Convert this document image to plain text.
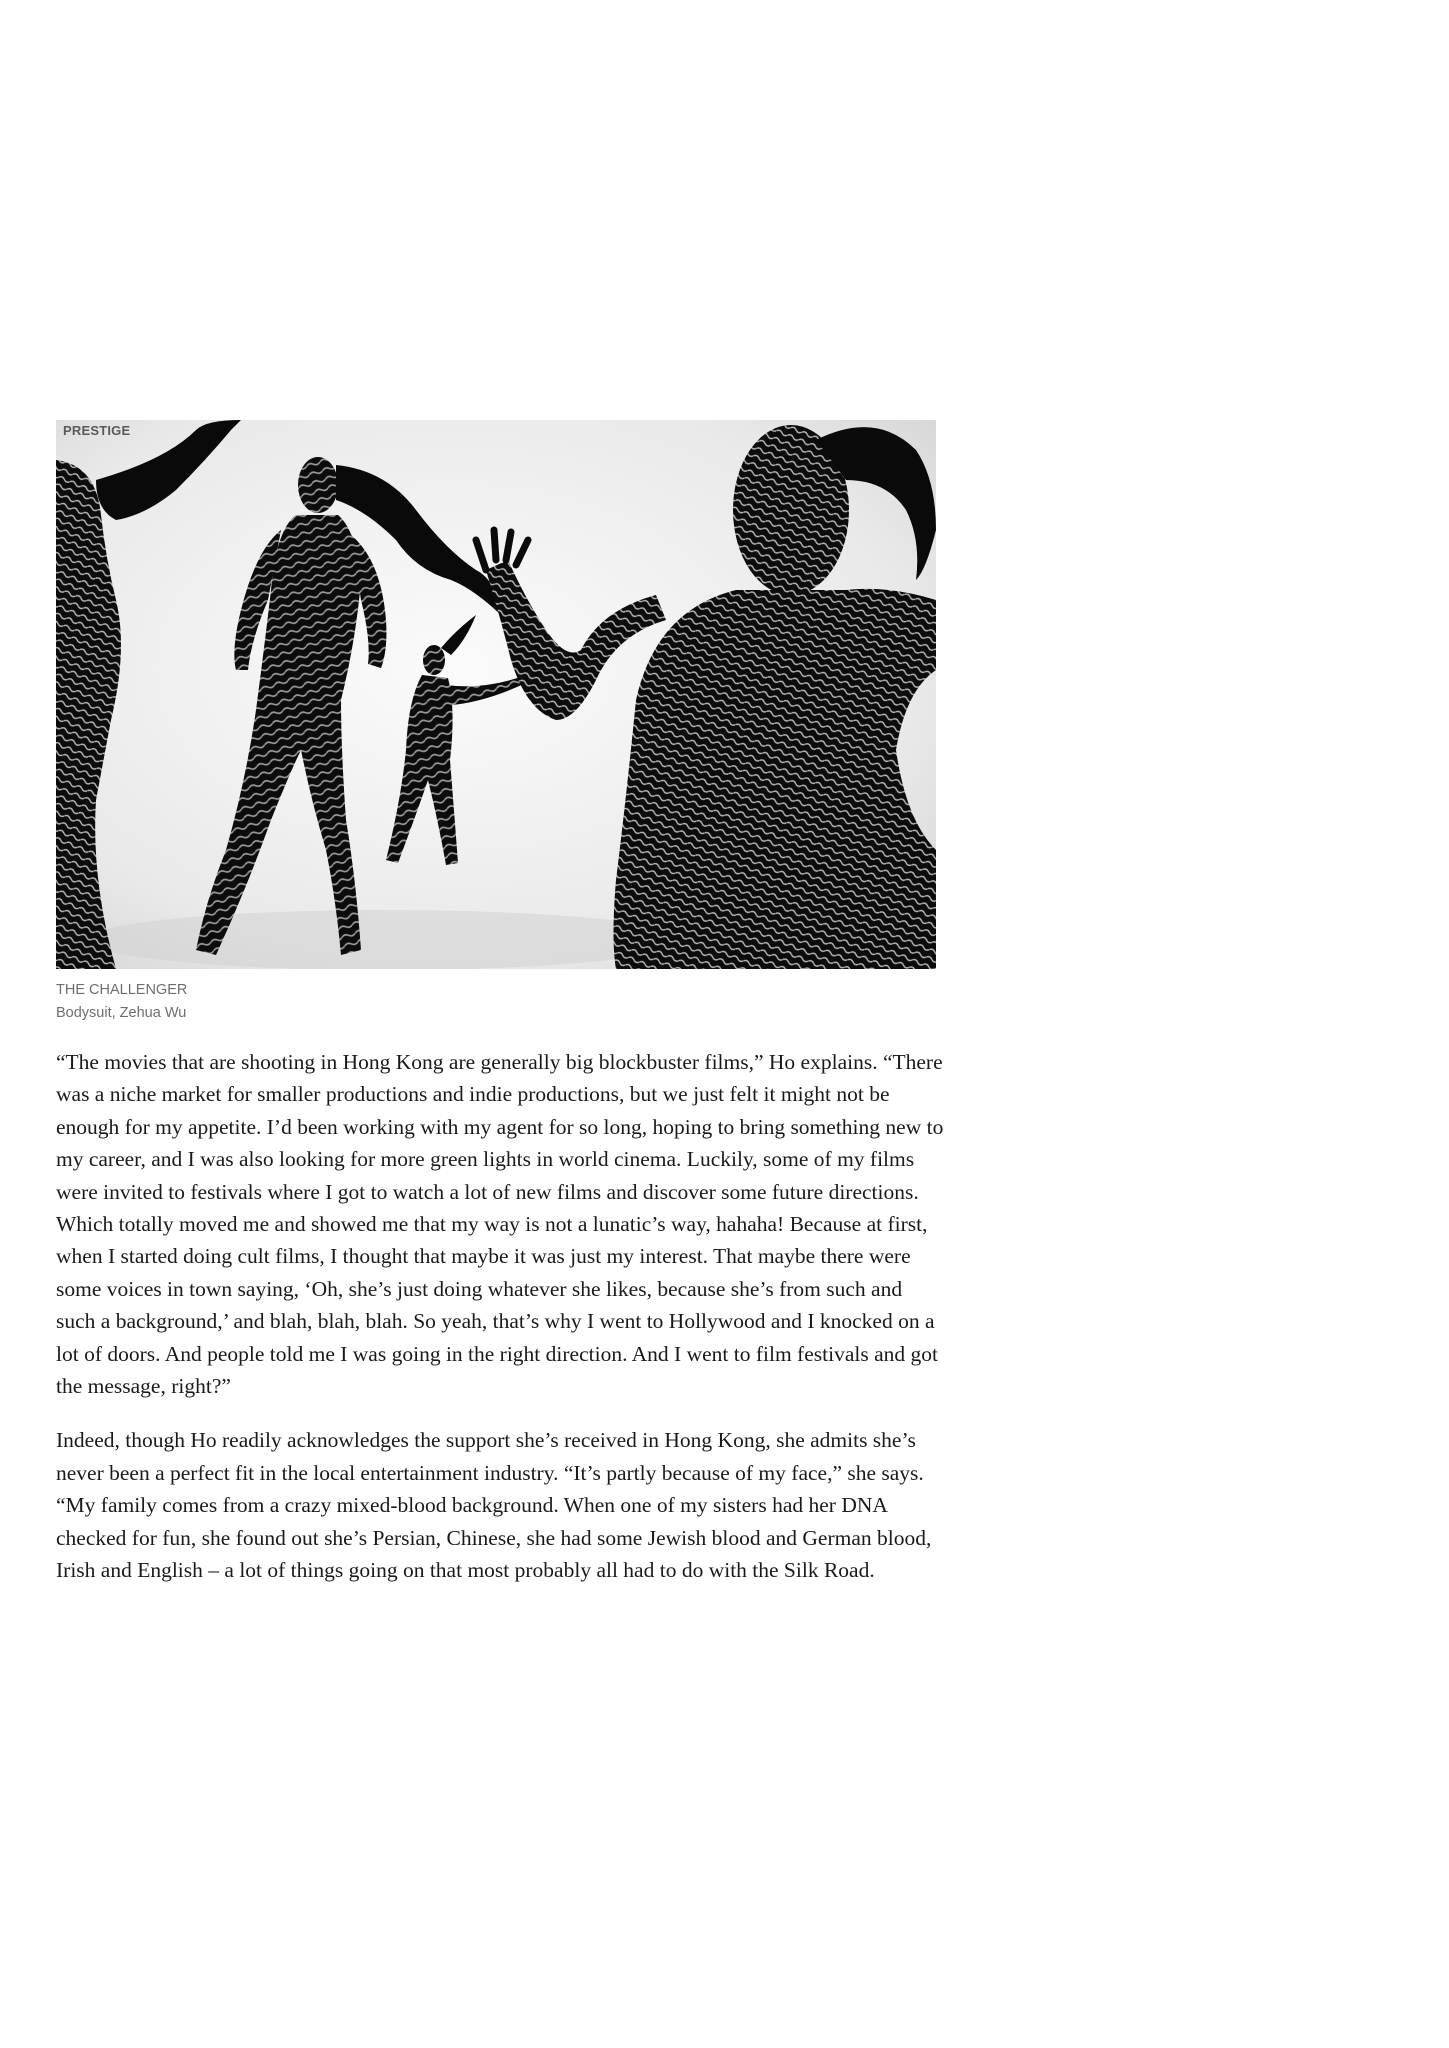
PRESTIGE
THE CHALLENGER
Bodysuit, Zehua Wu

“The movies that are shooting in Hong Kong are generally big blockbuster films,” Ho explains. “There was a niche market for smaller productions and indie productions, but we just felt it might not be enough for my appetite. I’d been working with my agent for so long, hoping to bring something new to my career, and I was also looking for more green lights in world cinema. Luckily, some of my films were invited to festivals where I got to watch a lot of new films and discover some future directions. Which totally moved me and showed me that my way is not a lunatic’s way, hahaha! Because at first, when I started doing cult films, I thought that maybe it was just my interest. That maybe there were some voices in town saying, ‘Oh, she’s just doing whatever she likes, because she’s from such and such a background,’ and blah, blah, blah. So yeah, that’s why I went to Hollywood and I knocked on a lot of doors. And people told me I was going in the right direction. And I went to film festivals and got the message, right?”

Indeed, though Ho readily acknowledges the support she’s received in Hong Kong, she admits she’s never been a perfect fit in the local entertainment industry. “It’s partly because of my face,” she says. “My family comes from a crazy mixed-blood background. When one of my sisters had her DNA checked for fun, she found out she’s Persian, Chinese, she had some Jewish blood and German blood, Irish and English – a lot of things going on that most probably all had to do with the Silk Road.
